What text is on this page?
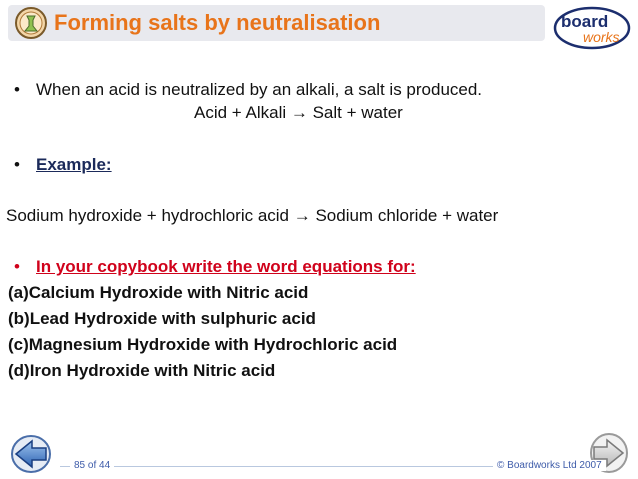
Forming salts by neutralisation	board
works
• When an acid is neutralized by an alkali, a salt is produced.
Acid + Alkali → Salt + water
• Example:
Sodium hydroxide + hydrochloric acid → Sodium chloride + water
• In your copybook write the word equations for:
(a)Calcium Hydroxide with Nitric acid
(b)Lead Hydroxide with sulphuric acid
(c)Magnesium Hydroxide with Hydrochloric acid
(d)Iron Hydroxide with Nitric acid
85 of 44	© Boardworks Ltd 2007
